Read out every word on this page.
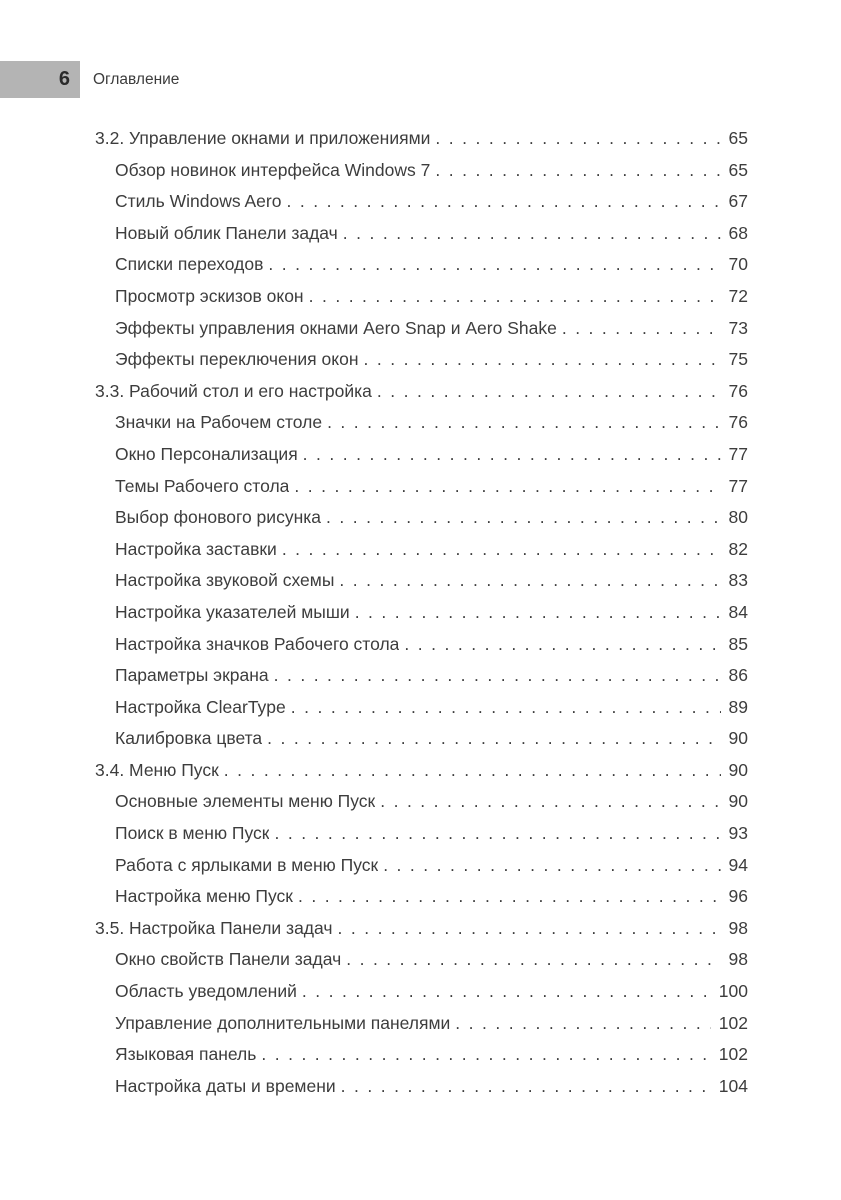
6 Оглавление
3.2. Управление окнами и приложениями .....	65
Обзор новинок интерфейса Windows 7 .....	65
Стиль Windows Aero .....	67
Новый облик Панели задач .....	68
Списки переходов .....	70
Просмотр эскизов окон .....	72
Эффекты управления окнами Aero Snap и Aero Shake .....	73
Эффекты переключения окон .....	75
3.3. Рабочий стол и его настройка .....	76
Значки на Рабочем столе .....	76
Окно Персонализация .....	77
Темы Рабочего стола .....	77
Выбор фонового рисунка .....	80
Настройка заставки .....	82
Настройка звуковой схемы .....	83
Настройка указателей мыши .....	84
Настройка значков Рабочего стола .....	85
Параметры экрана .....	86
Настройка ClearType .....	89
Калибровка цвета .....	90
3.4. Меню Пуск .....	90
Основные элементы меню Пуск .....	90
Поиск в меню Пуск .....	93
Работа с ярлыками в меню Пуск .....	94
Настройка меню Пуск .....	96
3.5. Настройка Панели задач .....	98
Окно свойств Панели задач .....	98
Область уведомлений .....	100
Управление дополнительными панелями .....	102
Языковая панель .....	102
Настройка даты и времени .....	104
